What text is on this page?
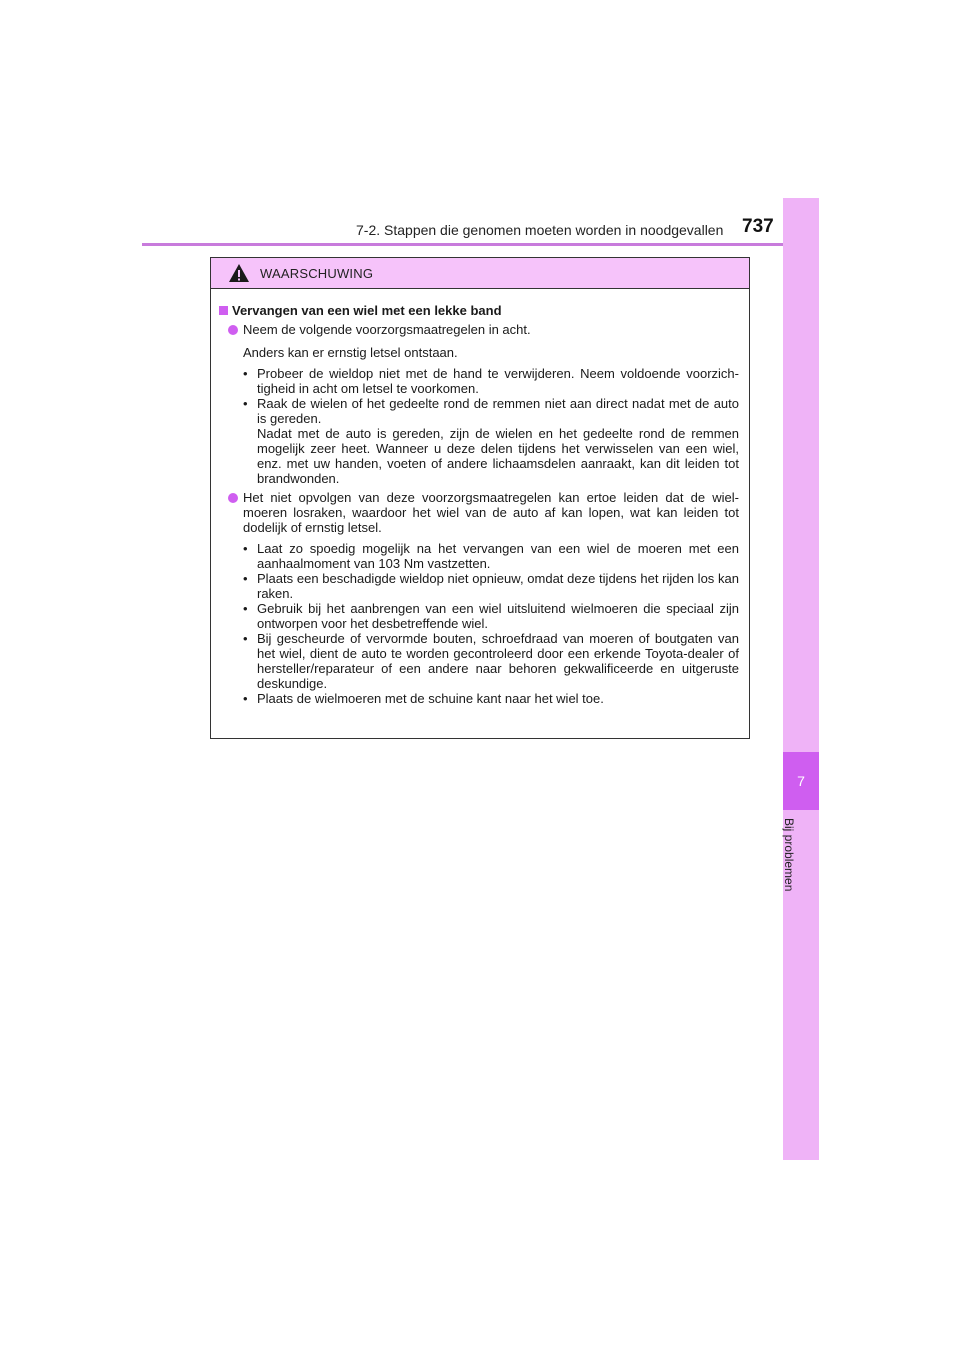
7-2. Stappen die genomen moeten worden in noodgevallen 737
7
Bij problemen
WAARSCHUWING
Vervangen van een wiel met een lekke band
Neem de volgende voorzorgsmaatregelen in acht.
Anders kan er ernstig letsel ontstaan.
• Probeer de wieldop niet met de hand te verwijderen. Neem voldoende voorzichtigheid in acht om letsel te voorkomen.

• Raak de wielen of het gedeelte rond de remmen niet aan direct nadat met de auto is gereden.

Nadat met de auto is gereden, zijn de wielen en het gedeelte rond de remmen mogelijk zeer heet. Wanneer u deze delen tijdens het verwisselen van een wiel, enz. met uw handen, voeten of andere lichaamsdelen aanraakt, kan dit leiden tot brandwonden.

Het niet opvolgen van deze voorzorgsmaatregelen kan ertoe leiden dat de wielmoeren losraken, waardoor het wiel van de auto af kan lopen, wat kan leiden tot dodelijk of ernstig letsel.
• Laat zo spoedig mogelijk na het vervangen van een wiel de moeren met een aanhaalmoment van 103 Nm vastzetten.

• Plaats een beschadigde wieldop niet opnieuw, omdat deze tijdens het rijden los kan raken.

• Gebruik bij het aanbrengen van een wiel uitsluitend wielmoeren die speciaal zijn ontworpen voor het desbetreffende wiel.

• Bij gescheurde of vervormde bouten, schroefdraad van moeren of boutgaten van het wiel, dient de auto te worden gecontroleerd door een erkende Toyota-dealer of hersteller/reparateur of een andere naar behoren gekwalificeerde en uitgeruste deskundige.

• Plaats de wielmoeren met de schuine kant naar het wiel toe.
